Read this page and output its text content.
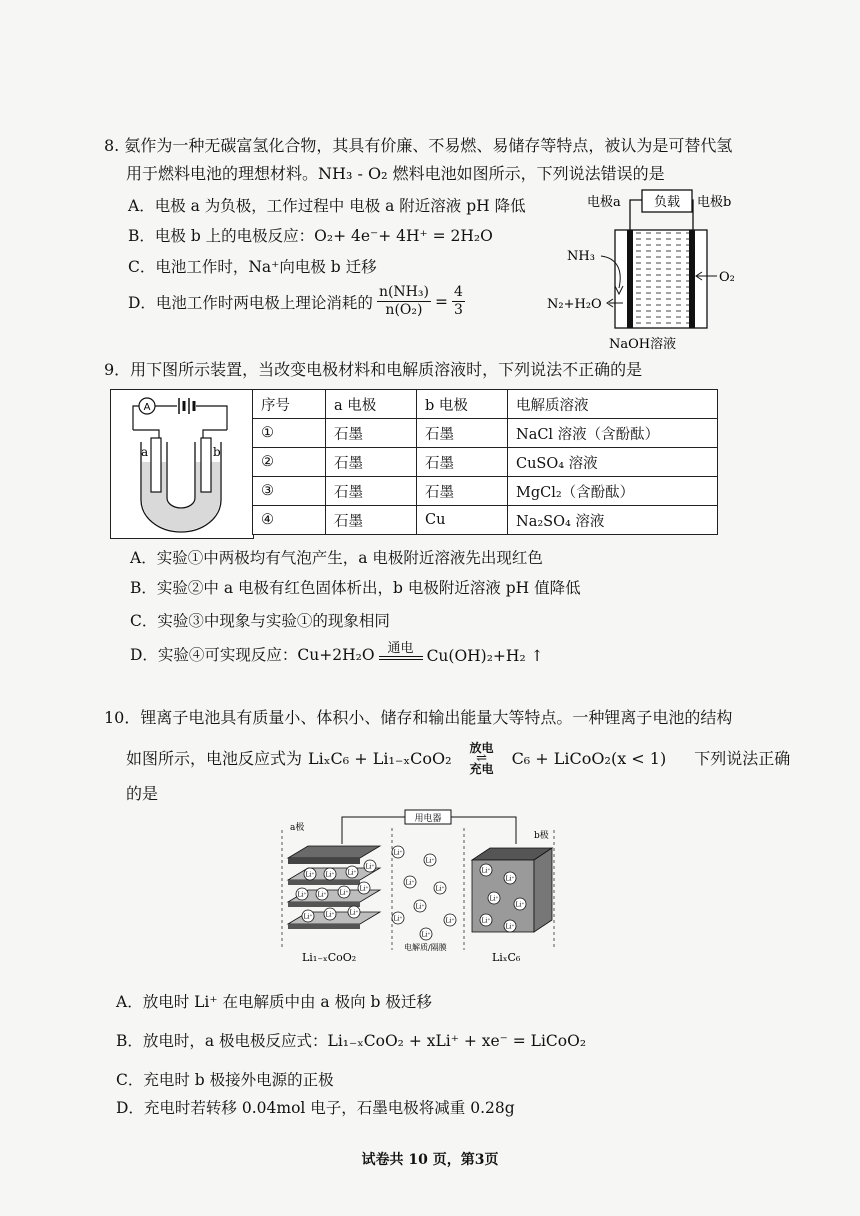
8. 氨作为一种无碳富氢化合物，其具有价廉、不易燃、易储存等特点，被认为是可替代氢
用于燃料电池的理想材料。NH₃ - O₂ 燃料电池如图所示，下列说法错误的是
A．电极 a 为负极，工作过程中 电极 a 附近溶液 pH 降低
B．电极 b 上的电极反应：O₂+ 4e⁻+ 4H⁺ = 2H₂O
C．电池工作时，Na⁺向电极 b 迁移
D．电池工作时两电极上理论消耗的 $\frac{\text{n(NH₃)}}{\text{n(O₂)}} = \frac{4}{3}$
负载
电极a	电极b
NH₃
N₂+H₂O
O₂
NaOH溶液
9．用下图所示装置，当改变电极材料和电解质溶液时，下列说法不正确的是
A
a	b
序号	a 电极	b 电极	电解质溶液
①	石墨	石墨	NaCl 溶液（含酚酞）
②	石墨	石墨	CuSO₄ 溶液
③	石墨	石墨	MgCl₂（含酚酞）
④	石墨	Cu	Na₂SO₄ 溶液
A．实验①中两极均有气泡产生，a 电极附近溶液先出现红色
B．实验②中 a 电极有红色固体析出，b 电极附近溶液 pH 值降低
C．实验③中现象与实验①的现象相同
D．实验④可实现反应：Cu+2H₂O 通电 Cu(OH)₂+H₂ ↑
10．锂离子电池具有质量小、体积小、储存和输出能量大等特点。一种锂离子电池的结构
如图所示，电池反应式为 LiₓC₆ + Li₁₋ₓCoO₂
放电
⇌
充电
C₆ + LiCoO₂(x < 1) 下列说法正确
的是
用电器
a极
b极
Li⁺ Li⁺ Li⁺
Li⁺
Li⁺ Li⁺ Li⁺
Li⁺
Li⁺ Li⁺ Li⁺
Li⁺
Li⁺
Li⁺
Li⁺
Li⁺
Li⁺	Li⁺
Li⁺
Li⁺
Li⁺
Li⁺
Li⁺
Li⁺
Li⁺
Li₁₋ₓCoO₂
电解质/隔膜
LiₓC₆
A．放电时 Li⁺ 在电解质中由 a 极向 b 极迁移
B．放电时，a 极电极反应式：Li₁₋ₓCoO₂ + xLi⁺ + xe⁻ = LiCoO₂
C．充电时 b 极接外电源的正极
D．充电时若转移 0.04mol 电子，石墨电极将减重 0.28g
试卷共 10 页，第3页
